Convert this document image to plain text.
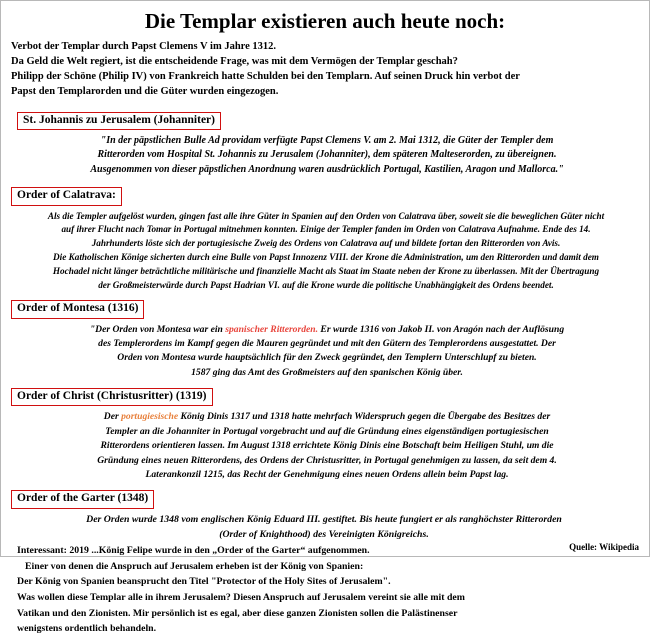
Die Templar existieren auch heute noch:
Verbot der Templar durch Papst Clemens V im Jahre 1312.
Da Geld die Welt regiert, ist die entscheidende Frage, was mit dem Vermögen der Templar geschah?
Philipp der Schöne (Philip IV) von Frankreich hatte Schulden bei den Templarn. Auf seinen Druck hin verbot der
Papst den Templarorden und die Güter wurden eingezogen.
St. Johannis zu Jerusalem (Johanniter)
"In der päpstlichen Bulle Ad providam verfügte Papst Clemens V. am 2. Mai 1312, die Güter der Templer dem
Ritterorden vom Hospital St. Johannis zu Jerusalem (Johanniter), dem späteren Malteserorden, zu übereignen.
Ausgenommen von dieser päpstlichen Anordnung waren ausdrücklich Portugal, Kastilien, Aragon und Mallorca."
Order of Calatrava:
Als die Templer aufgelöst wurden, gingen fast alle ihre Güter in Spanien auf den Orden von Calatrava über, soweit sie die beweglichen Güter nicht
auf ihrer Flucht nach Tomar in Portugal mitnehmen konnten. Einige der Templer fanden im Orden von Calatrava Aufnahme. Ende des 14.
Jahrhunderts löste sich der portugiesische Zweig des Ordens von Calatrava auf und bildete fortan den Ritterorden von Avis.
Die Katholischen Könige sicherten durch eine Bulle von Papst Innozenz VIII. der Krone die Administration, um den Ritterorden und damit dem
Hochadel nicht länger beträchtliche militärische und finanzielle Macht als Staat im Staate neben der Krone zu überlassen. Mit der Übertragung
der Großmeisterwürde durch Papst Hadrian VI. auf die Krone wurde die politische Unabhängigkeit des Ordens beendet.
Order of Montesa (1316)
"Der Orden von Montesa war ein spanischer Ritterorden. Er wurde 1316 von Jakob II. von Aragón nach der Auflösung
des Templerordens im Kampf gegen die Mauren gegründet und mit den Gütern des Templerordens ausgestattet. Der
Orden von Montesa wurde hauptsächlich für den Zweck gegründet, den Templern Unterschlupf zu bieten.
1587 ging das Amt des Großmeisters auf den spanischen König über.
Order of Christ (Christusritter) (1319)
Der portugiesische König Dinis 1317 und 1318 hatte mehrfach Widerspruch gegen die Übergabe des Besitzes der
Templer an die Johanniter in Portugal vorgebracht und auf die Gründung eines eigenständigen portugiesischen
Ritterordens orientieren lassen. Im August 1318 errichtete König Dinis eine Botschaft beim Heiligen Stuhl, um die
Gründung eines neuen Ritterordens, des Ordens der Christusritter, in Portugal genehmigen zu lassen, da seit dem 4.
Laterankonzil 1215, das Recht der Genehmigung eines neuen Ordens allein beim Papst lag.
Order of the Garter (1348)
Der Orden wurde 1348 vom englischen König Eduard III. gestiftet. Bis heute fungiert er als ranghöchster Ritterorden
(Order of Knighthood) des Vereinigten Königreichs.
Interessant: 2019 ...König Felipe wurde in den „Order of the Garter“ aufgenommen.
Einer von denen die Anspruch auf Jerusalem erheben ist der König von Spanien:
Der König von Spanien beansprucht den Titel "Protector of the Holy Sites of Jerusalem".
Was wollen diese Templar alle in ihrem Jerusalem? Diesen Anspruch auf Jerusalem vereint sie alle mit dem
Vatikan und den Zionisten. Mir persönlich ist es egal, aber diese ganzen Zionisten sollen die Palästinenser
wenigstens ordentlich behandeln.
Quelle: Wikipedia
